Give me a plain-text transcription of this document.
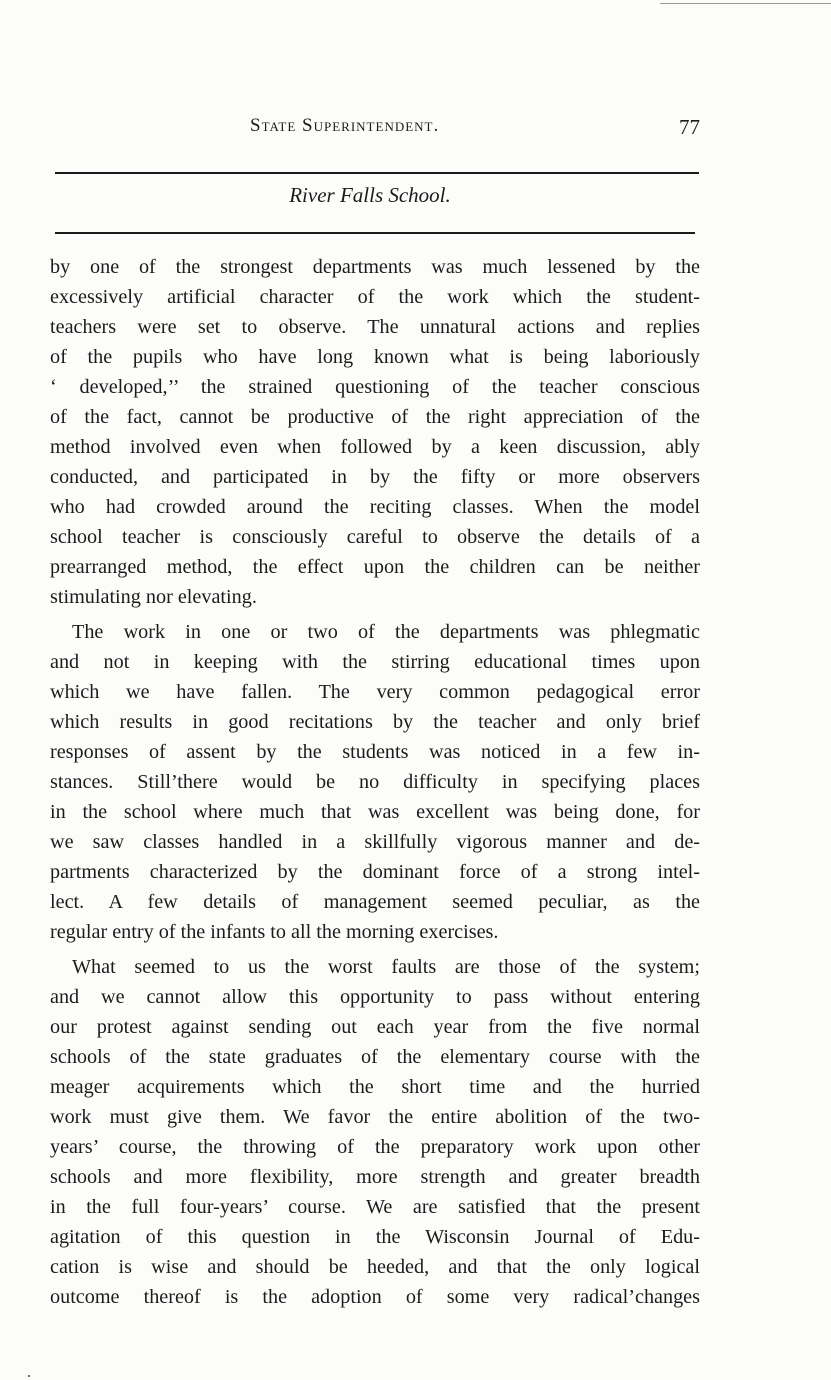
State Superintendent.	77
River Falls School.
by one of the strongest departments was much lessened by the
excessively artificial character of the work which the student-
teachers were set to observe. The unnatural actions and replies
of the pupils who have long known what is being laboriously
‘ developed,’’ the strained questioning of the teacher conscious
of the fact, cannot be productive of the right appreciation of the
method involved even when followed by a keen discussion, ably
conducted, and participated in by the fifty or more observers
who had crowded around the reciting classes. When the model
school teacher is consciously careful to observe the details of a
prearranged method, the effect upon the children can be neither
stimulating nor elevating.
The work in one or two of the departments was phlegmatic
and not in keeping with the stirring educational times upon
which we have fallen. The very common pedagogical error
which results in good recitations by the teacher and only brief
responses of assent by the students was noticed in a few in-
stances. Still’there would be no difficulty in specifying places
in the school where much that was excellent was being done, for
we saw classes handled in a skillfully vigorous manner and de-
partments characterized by the dominant force of a strong intel-
lect. A few details of management seemed peculiar, as the
regular entry of the infants to all the morning exercises.
What seemed to us the worst faults are those of the system;
and we cannot allow this opportunity to pass without entering
our protest against sending out each year from the five normal
schools of the state graduates of the elementary course with the
meager acquirements which the short time and the hurried
work must give them. We favor the entire abolition of the two-
years’ course, the throwing of the preparatory work upon other
schools and more flexibility, more strength and greater breadth
in the full four-years’ course. We are satisfied that the present
agitation of this question in the Wisconsin Journal of Edu-
cation is wise and should be heeded, and that the only logical
outcome thereof is the adoption of some very radical’changes
